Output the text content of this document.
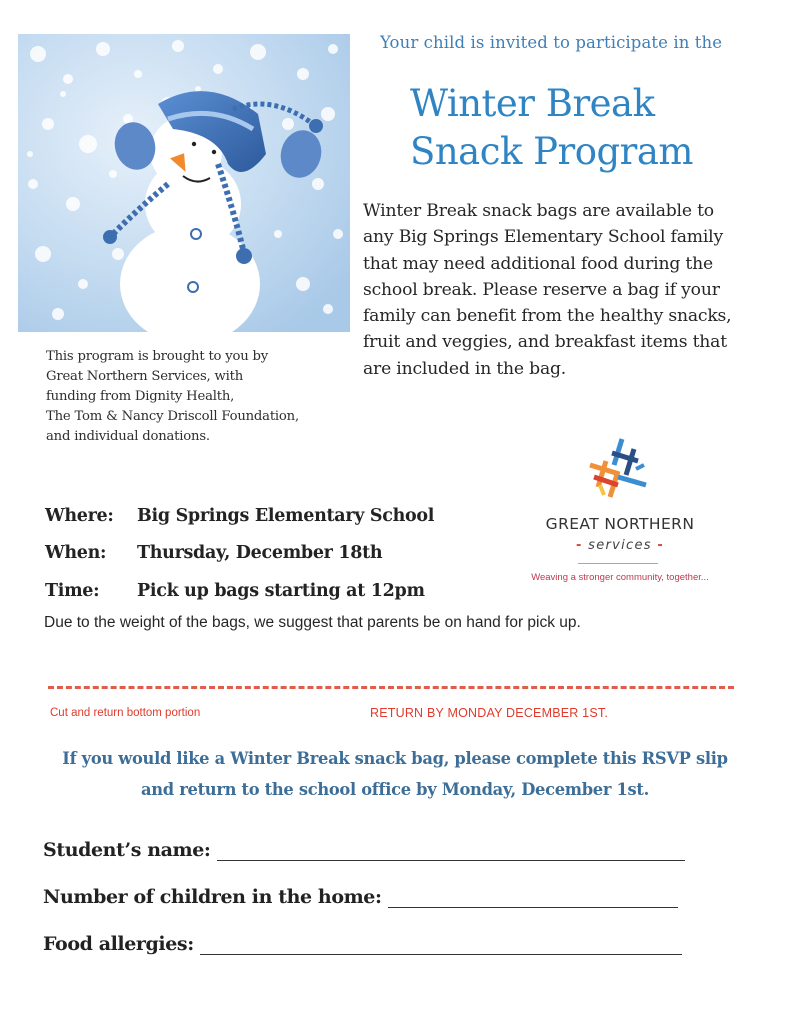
Your child is invited to participate in the
Winter Break
Snack Program
Winter Break snack bags are available to
any Big Springs Elementary School family
that may need additional food during the
school break. Please reserve a bag if your
family can benefit from the healthy snacks,
fruit and veggies, and breakfast items that
are included in the bag.
This program is brought to you by
Great Northern Services, with
funding from Dignity Health,
The Tom & Nancy Driscoll Foundation,
and individual donations.
Where:	Big Springs Elementary School
When:	Thursday, December 18th
Time:	Pick up bags starting at 12pm
Due to the weight of the bags, we suggest that parents be on hand for pick up.
GREAT NORTHERN
- services -
Weaving a stronger community, together...
Cut and return bottom portion	RETURN BY MONDAY DECEMBER 1ST.
If you would like a Winter Break snack bag, please complete this RSVP slip
and return to the school office by Monday, December 1st.
Student’s name:
Number of children in the home:
Food allergies:
